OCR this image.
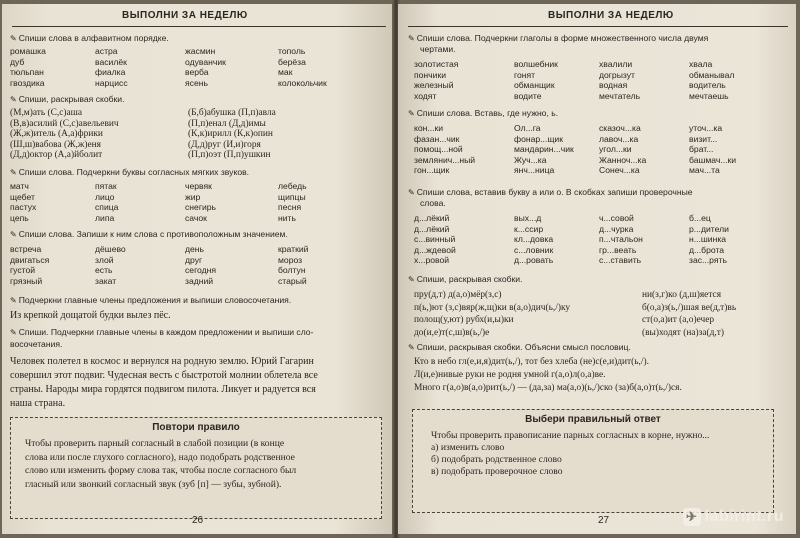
ВЫПОЛНИ ЗА НЕДЕЛЮ
✎ Спиши слова в алфавитном порядке.
ромашка
дуб
тюльпан
гвоздика
астра
василёк
фиалка
нарцисс
жасмин
одуванчик
верба
ясень
тополь
берёза
мак
колокольчик
✎ Спиши, раскрывая скобки.
(М,м)ать (С,с)аша
(В,в)асилий (С,с)авельевич
(Ж,ж)итель (А,а)фрики
(Ш,ш)вабова (Ж,ж)еня
(Д,д)октор (А,а)йболит
(Б,б)абушка (П,п)авла
(П,п)енал (Д,д)имы
(К,к)ирилл (К,к)опин
(Д,д)руг (И,и)горя
(П,п)оэт (П,п)ушкин
✎ Спиши слова. Подчеркни буквы согласных мягких звуков.
матч
щебет
пастух
цепь
пятак
лицо
спица
липа
червяк
жир
снегирь
сачок
лебедь
щипцы
песня
нить
✎ Спиши слова. Запиши к ним слова с противоположным значением.
встреча
двигаться
густой
грязный
дёшево
злой
есть
закат
день
друг
сегодня
задний
краткий
мороз
болтун
старый
✎ Подчеркни главные члены предложения и выпиши словосочетания.
Из крепкой дощатой будки вылез пёс.
✎ Спиши. Подчеркни главные члены в каждом предложении и выпиши сло-
восочетания.
Человек полетел в космос и вернулся на родную землю. Юрий Гагарин
совершил этот подвиг. Чудесная весть с быстротой молнии облетела все
страны. Народы мира гордятся подвигом пилота. Ликует и радуется вся
наша страна.
Повтори правило
Чтобы проверить парный согласный в слабой позиции (в конце
слова или после глухого согласного), надо подобрать родственное
слово или изменить форму слова так, чтобы после согласного был
гласный или звонкий согласный звук (зуб [п] — зубы, зубной).
26
ВЫПОЛНИ ЗА НЕДЕЛЮ
✎ Спиши слова. Подчеркни глаголы в форме множественного числа двумя
чертами.
золотистая
пончики
железный
ходят
волшебник
гонят
обманщик
водите
хвалили
догрызут
водная
мечтатель
хвала
обманывал
водитель
мечтаешь
✎ Спиши слова. Вставь, где нужно, ь.
кон...ки
фазан...чик
помощ...ной
землянич...ный
гон...щик
Ол...га
фонар...щик
мандарин...чик
Жуч...ка
янч...ница
сказоч...ка
лавоч...ка
угол...ки
Жанноч...ка
Сонеч...ка
уточ...ка
визит...
брат...
башмач...ки
мач...та
✎ Спиши слова, вставив букву а или о. В скобках запиши проверочные
слова.
д...лёкий
д...лёкий
с...винный
д...ждевой
х...ровой
вых...д
к...ссир
кл...довка
с...ловник
д...ровать
ч...совой
д...чурка
п...чтальон
гр...веать
с...ставить
б...ец
р...дители
н...шинка
д...брота
зас...рять
✎ Спиши, раскрывая скобки.
пру(д,т) д(а,о)мёр(з,с)
п(ь,)ют (з,с)вяр(ж,щ)ки в(а,о)дич(ь,/)ку
полощ(у,ют) рубх(и,ы)ки
до(и,е)т(с,ш)в(ь,/)е
ни(з,г)ко (д,ш)яется
б(о,а)з(ь,/)шая ве(д,т)вь
ст(о,а)ит (а,о)ечер
(вы)ходят (на)за(д,т)
✎ Спиши, раскрывая скобки. Объясни смысл пословиц.
Кто в небо гл(е,и,я)дит(ь,/), тот без хлеба (не)с(е,и)дит(ь,/).
Л(и,е)нивые руки не родня умной г(а,о)л(о,а)ве.
Много г(а,о)в(а,о)рит(ь,/) — (да,за) ма(а,о)(ь,/)ско (за)б(а,о)т(ь,/)ся.
Выбери правильный ответ
Чтобы проверить правописание парных согласных в корне, нужно...
а) изменить слово
б) подобрать родственное слово
в) подобрать проверочное слово
27	✈ labirint.ru
